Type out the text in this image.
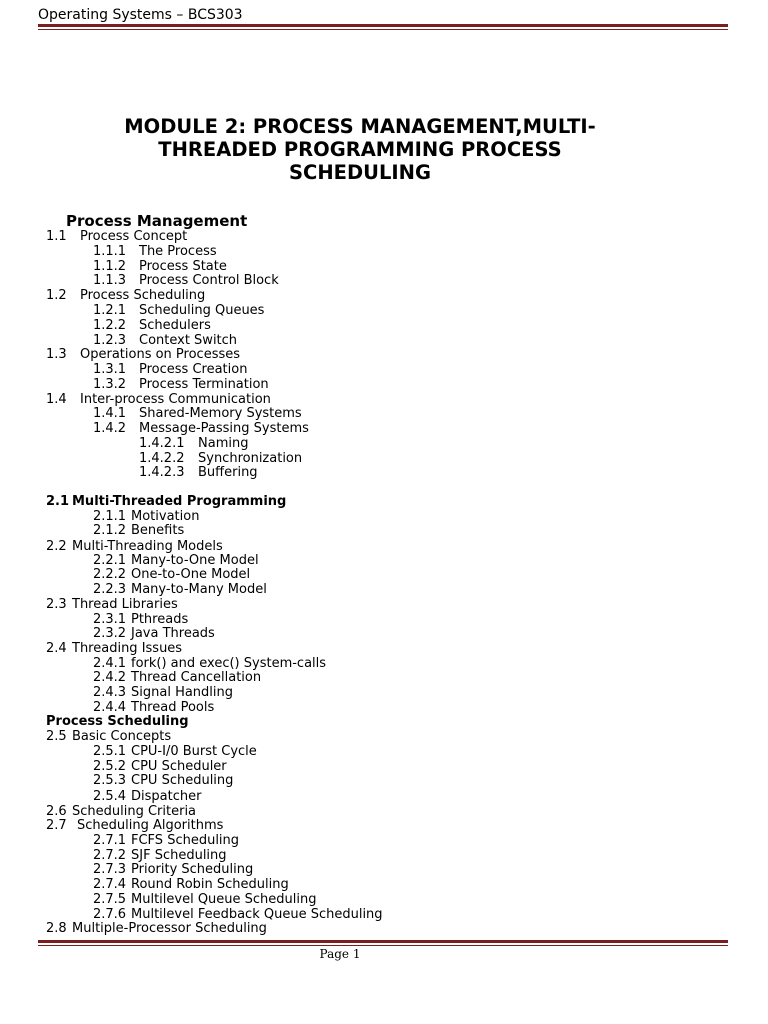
Operating Systems – BCS303
MODULE 2: PROCESS MANAGEMENT,MULTI-
THREADED PROGRAMMING PROCESS
SCHEDULING
Process Management
1.1 Process Concept
1.1.1 The Process
1.1.2 Process State
1.1.3 Process Control Block
1.2 Process Scheduling
1.2.1 Scheduling Queues
1.2.2 Schedulers
1.2.3 Context Switch
1.3 Operations on Processes
1.3.1 Process Creation
1.3.2 Process Termination
1.4 Inter-process Communication
1.4.1 Shared-Memory Systems
1.4.2 Message-Passing Systems
1.4.2.1 Naming
1.4.2.2 Synchronization
1.4.2.3 Buffering
2.1 Multi-Threaded Programming
2.1.1 Motivation
2.1.2 Benefits
2.2 Multi-Threading Models
2.2.1 Many-to-One Model
2.2.2 One-to-One Model
2.2.3 Many-to-Many Model
2.3 Thread Libraries
2.3.1 Pthreads
2.3.2 Java Threads
2.4 Threading Issues
2.4.1 fork() and exec() System-calls
2.4.2 Thread Cancellation
2.4.3 Signal Handling
2.4.4 Thread Pools
Process Scheduling
2.5 Basic Concepts
2.5.1 CPU-I/0 Burst Cycle
2.5.2 CPU Scheduler
2.5.3 CPU Scheduling
2.5.4 Dispatcher
2.6 Scheduling Criteria
2.7 Scheduling Algorithms
2.7.1 FCFS Scheduling
2.7.2 SJF Scheduling
2.7.3 Priority Scheduling
2.7.4 Round Robin Scheduling
2.7.5 Multilevel Queue Scheduling
2.7.6 Multilevel Feedback Queue Scheduling
2.8 Multiple-Processor Scheduling
Page 1
